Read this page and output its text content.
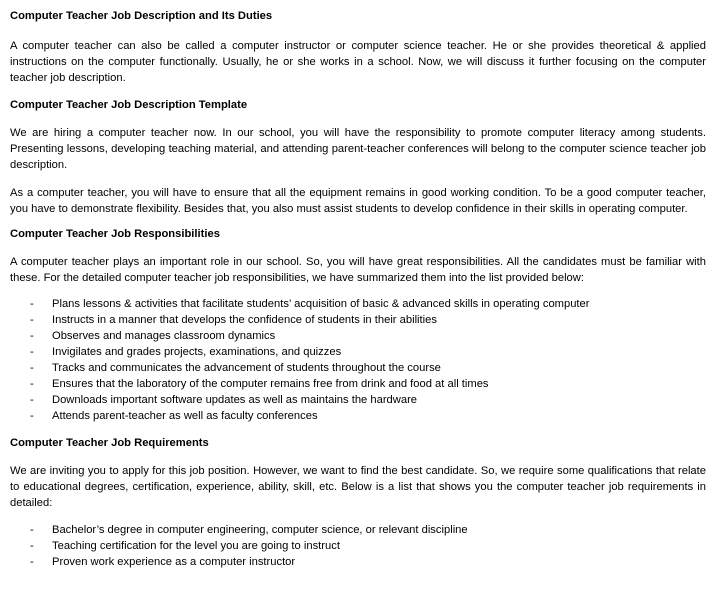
Computer Teacher Job Description and Its Duties

A computer teacher can also be called a computer instructor or computer science teacher. He or she provides theoretical & applied instructions on the computer functionally. Usually, he or she works in a school. Now, we will discuss it further focusing on the computer teacher job description.

Computer Teacher Job Description Template

We are hiring a computer teacher now. In our school, you will have the responsibility to promote computer literacy among students. Presenting lessons, developing teaching material, and attending parent-teacher conferences will belong to the computer science teacher job description.

As a computer teacher, you will have to ensure that all the equipment remains in good working condition. To be a good computer teacher, you have to demonstrate flexibility. Besides that, you also must assist students to develop confidence in their skills in operating computer.

Computer Teacher Job Responsibilities

A computer teacher plays an important role in our school. So, you will have great responsibilities. All the candidates must be familiar with these. For the detailed computer teacher job responsibilities, we have summarized them into the list provided below:

- Plans lessons & activities that facilitate students’ acquisition of basic & advanced skills in operating computer
- Instructs in a manner that develops the confidence of students in their abilities
- Observes and manages classroom dynamics
- Invigilates and grades projects, examinations, and quizzes
- Tracks and communicates the advancement of students throughout the course
- Ensures that the laboratory of the computer remains free from drink and food at all times
- Downloads important software updates as well as maintains the hardware
- Attends parent-teacher as well as faculty conferences
Computer Teacher Job Requirements

We are inviting you to apply for this job position. However, we want to find the best candidate. So, we require some qualifications that relate to educational degrees, certification, experience, ability, skill, etc. Below is a list that shows you the computer teacher job requirements in detailed:

- Bachelor’s degree in computer engineering, computer science, or relevant discipline
- Teaching certification for the level you are going to instruct
- Proven work experience as a computer instructor
